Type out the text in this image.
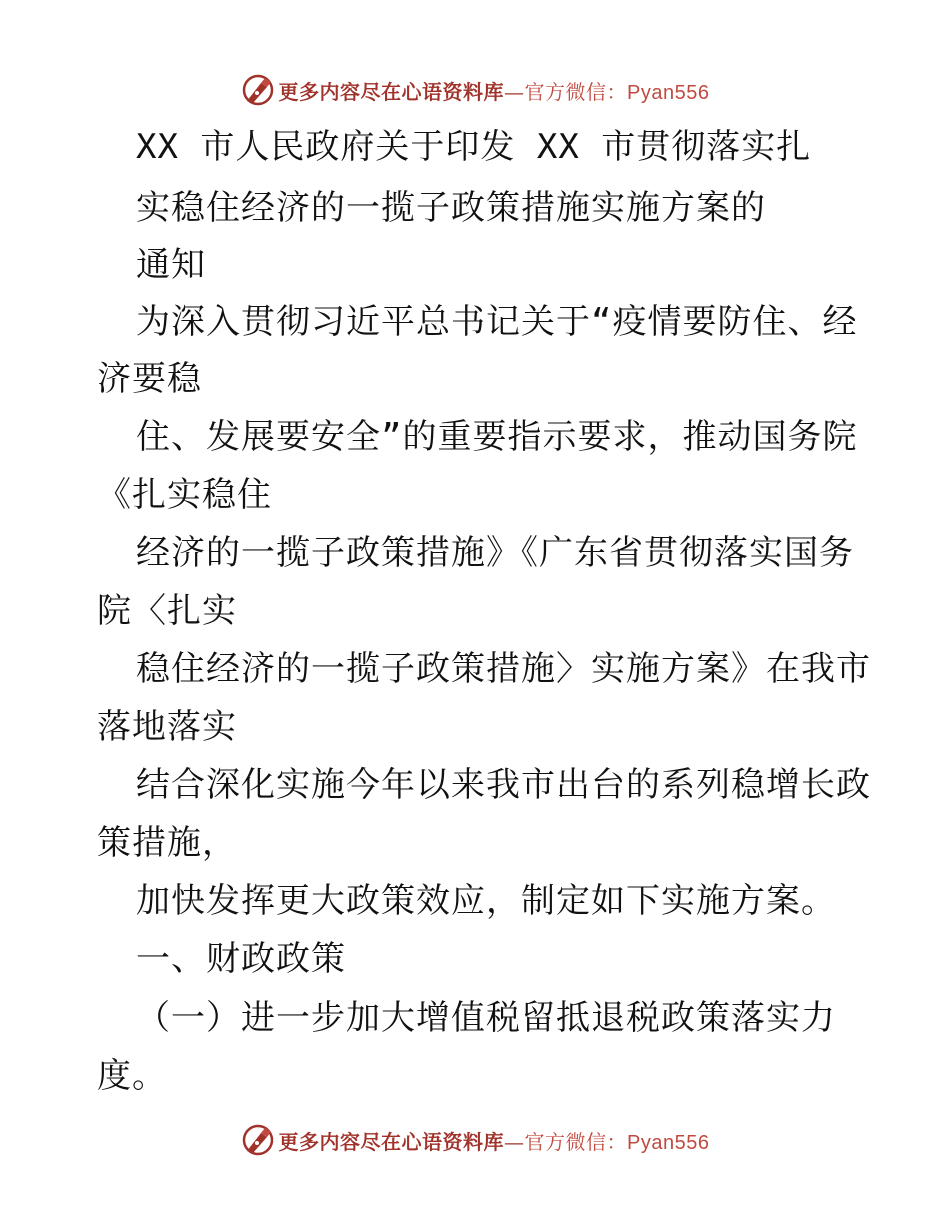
更多内容尽在心语资料库—官方微信：Pyan556
XX 市人民政府关于印发 XX 市贯彻落实扎
实稳住经济的一揽子政策措施实施方案的
通知
为深入贯彻习近平总书记关于“疫情要防住、经
济要稳
住、发展要安全”的重要指示要求，推动国务院
《扎实稳住
经济的一揽子政策措施》《广东省贯彻落实国务
院〈扎实
稳住经济的一揽子政策措施〉实施方案》在我市
落地落实
结合深化实施今年以来我市出台的系列稳增长政
策措施，
加快发挥更大政策效应，制定如下实施方案。
一、财政政策
（一）进一步加大增值税留抵退税政策落实力
度。
更多内容尽在心语资料库—官方微信：Pyan556
